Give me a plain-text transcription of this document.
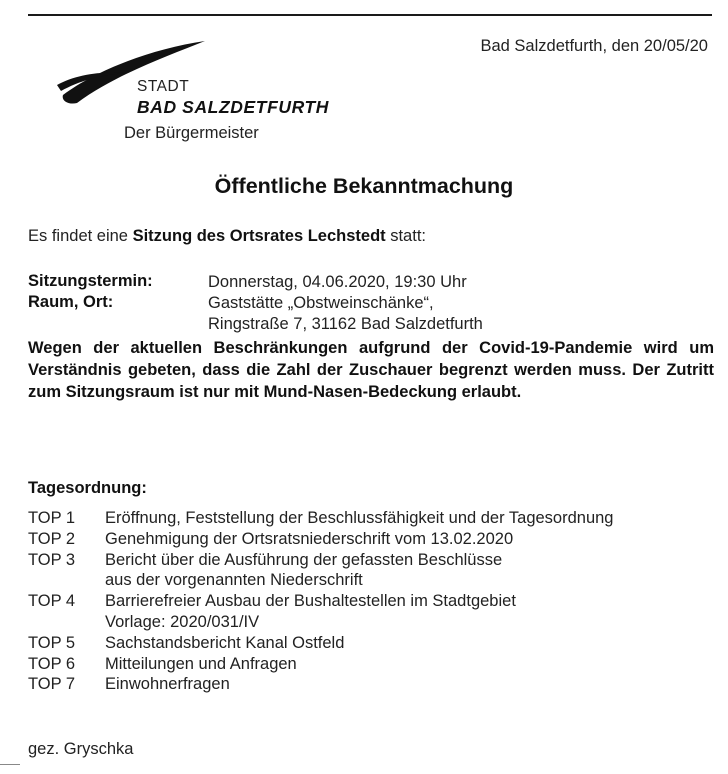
Bad Salzdetfurth, den 20/05/20
STADT
BAD SALZDETFURTH
Der Bürgermeister
Öffentliche Bekanntmachung
Es findet eine Sitzung des Ortsrates Lechstedt statt:
Sitzungstermin:	Donnerstag, 04.06.2020, 19:30 Uhr
Raum, Ort:	Gaststätte „Obstweinschänke“,
Ringstraße 7, 31162 Bad Salzdetfurth
Wegen der aktuellen Beschränkungen aufgrund der Covid-19-Pandemie wird um Verständnis gebeten, dass die Zahl der Zuschauer begrenzt werden muss. Der Zutritt zum Sitzungsraum ist nur mit Mund-Nasen-Bedeckung erlaubt.
Tagesordnung:
TOP 1	Eröffnung, Feststellung der Beschlussfähigkeit und der Tagesordnung
TOP 2	Genehmigung der Ortsratsniederschrift vom 13.02.2020
TOP 3	Bericht über die Ausführung der gefassten Beschlüsse
aus der vorgenannten Niederschrift
TOP 4	Barrierefreier Ausbau der Bushaltestellen im Stadtgebiet
Vorlage: 2020/031/IV
TOP 5	Sachstandsbericht Kanal Ostfeld
TOP 6	Mitteilungen und Anfragen
TOP 7	Einwohnerfragen
gez. Gryschka
